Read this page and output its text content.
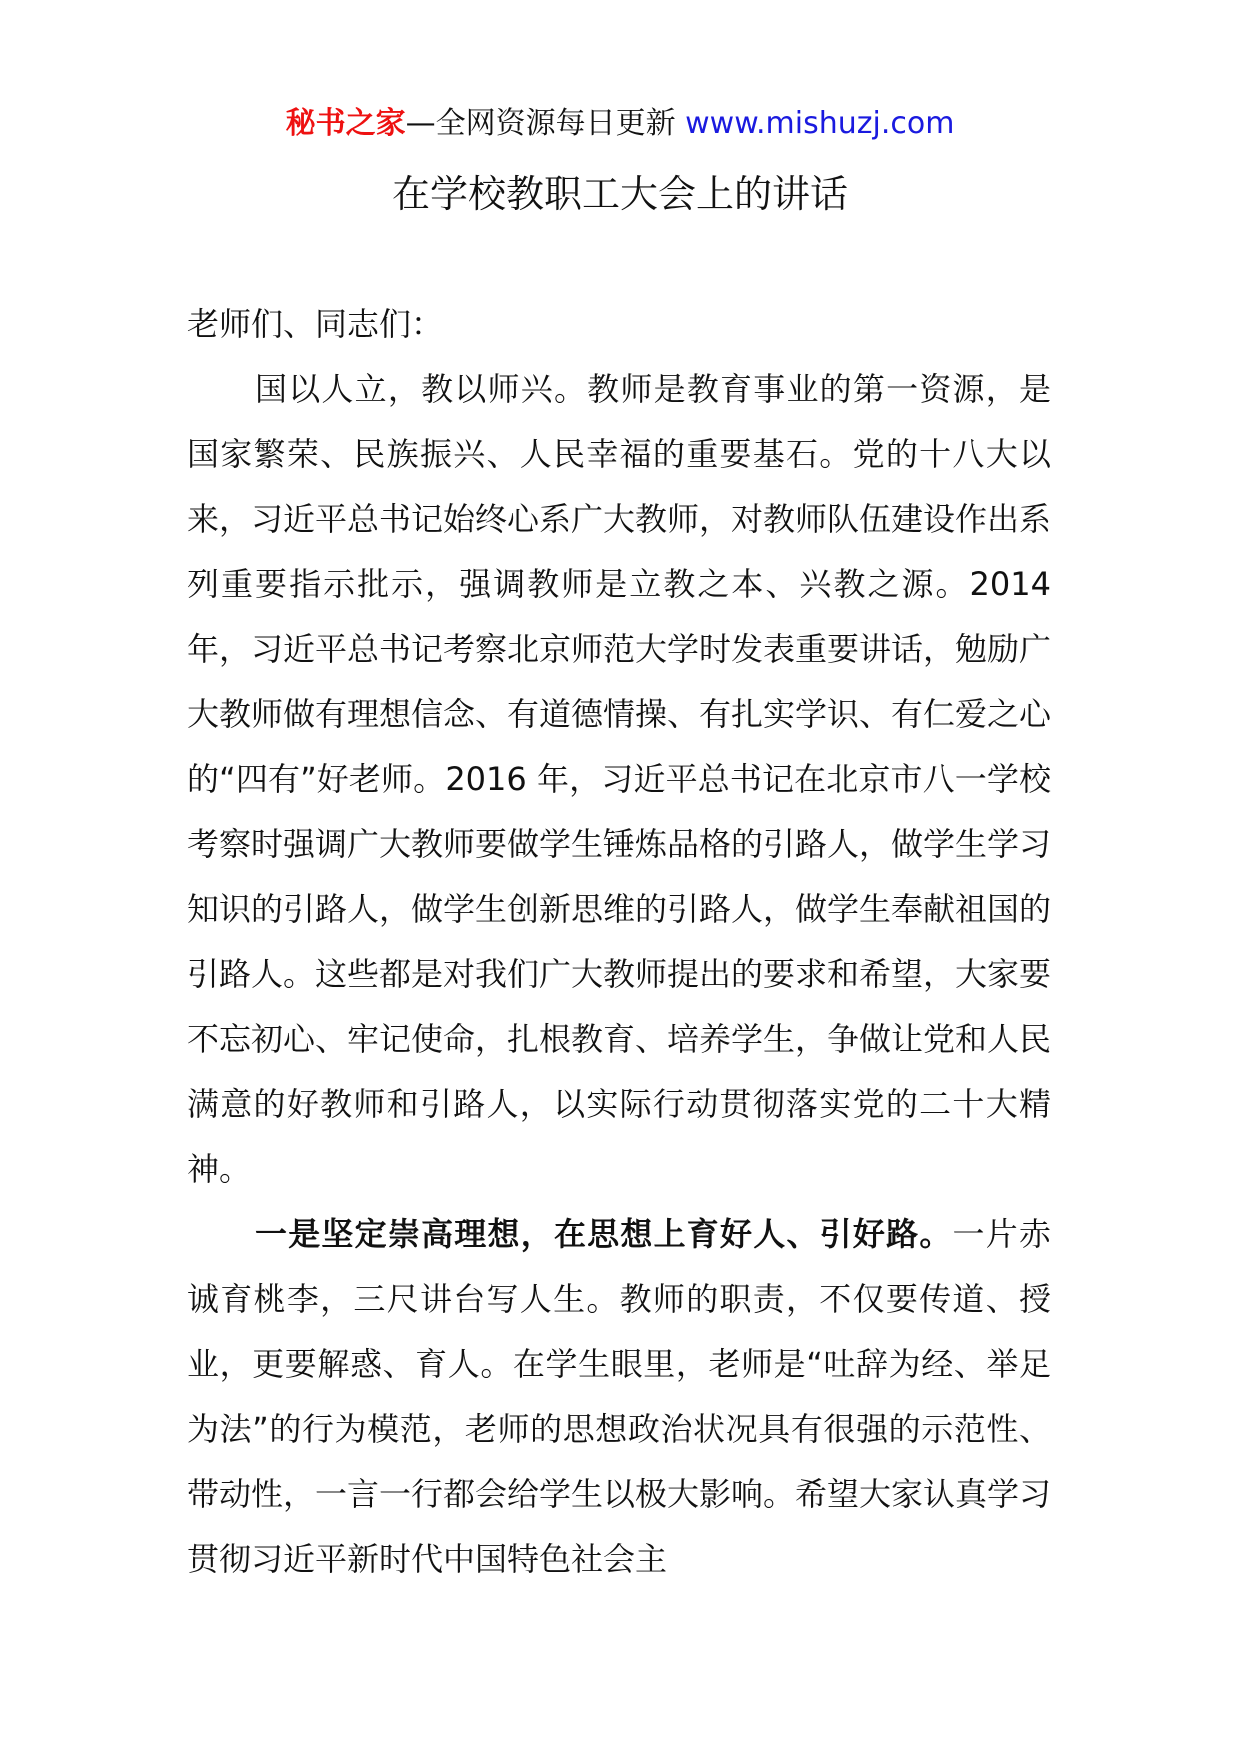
秘书之家—全网资源每日更新 www.mishuzj.com
在学校教职工大会上的讲话

老师们、同志们：

国以人立，教以师兴。教师是教育事业的第一资源，是国家繁荣、民族振兴、人民幸福的重要基石。党的十八大以来，习近平总书记始终心系广大教师，对教师队伍建设作出系列重要指示批示，强调教师是立教之本、兴教之源。2014 年，习近平总书记考察北京师范大学时发表重要讲话，勉励广大教师做有理想信念、有道德情操、有扎实学识、有仁爱之心的“四有”好老师。2016 年，习近平总书记在北京市八一学校考察时强调广大教师要做学生锤炼品格的引路人，做学生学习知识的引路人，做学生创新思维的引路人，做学生奉献祖国的引路人。这些都是对我们广大教师提出的要求和希望，大家要不忘初心、牢记使命，扎根教育、培养学生，争做让党和人民满意的好教师和引路人，以实际行动贯彻落实党的二十大精神。

一是坚定崇高理想，在思想上育好人、引好路。一片赤诚育桃李，三尺讲台写人生。教师的职责，不仅要传道、授业，更要解惑、育人。在学生眼里，老师是“吐辞为经、举足为法”的行为模范，老师的思想政治状况具有很强的示范性、带动性，一言一行都会给学生以极大影响。希望大家认真学习贯彻习近平新时代中国特色社会主
